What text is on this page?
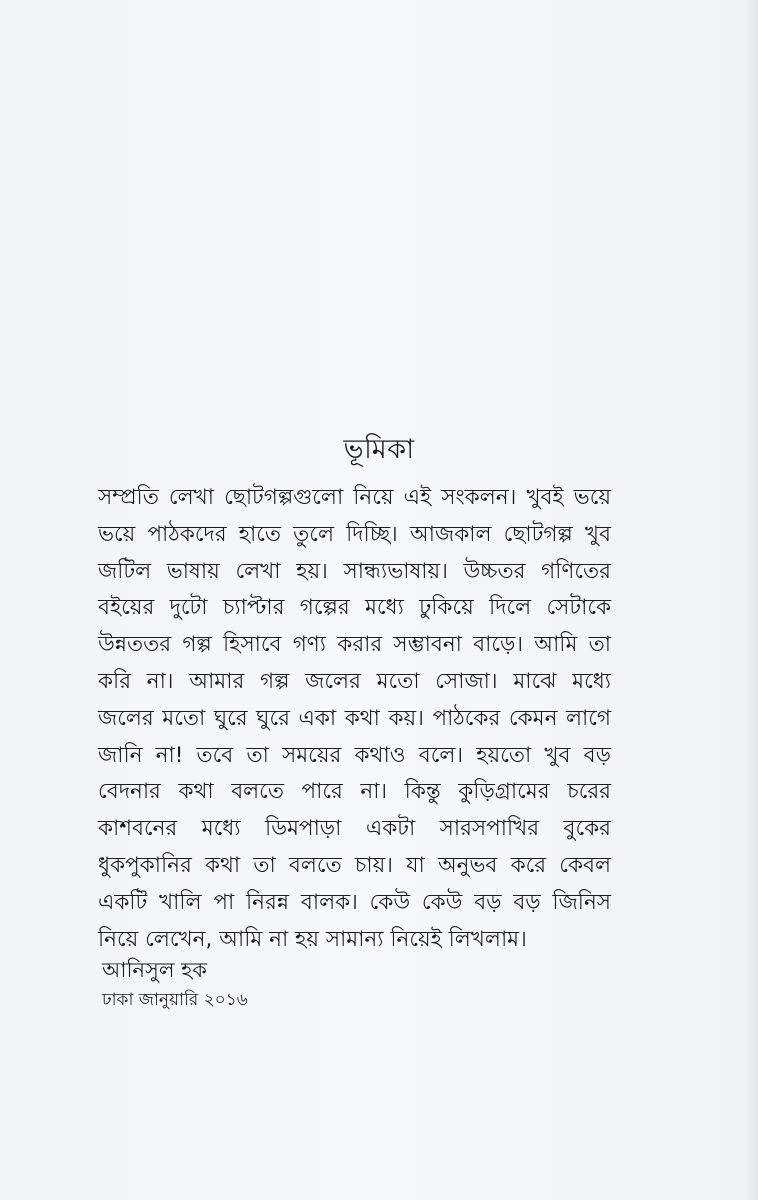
ভূমিকা
সম্প্রতি লেখা ছোটগল্পগুলো নিয়ে এই সংকলন। খুবই ভয়ে
ভয়ে পাঠকদের হাতে তুলে দিচ্ছি। আজকাল ছোটগল্প খুব
জটিল ভাষায় লেখা হয়। সান্ধ্যভাষায়। উচ্চতর গণিতের
বইয়ের দুটো চ্যাপ্টার গল্পের মধ্যে ঢুকিয়ে দিলে সেটাকে
উন্নততর গল্প হিসাবে গণ্য করার সম্ভাবনা বাড়ে। আমি তা
করি না। আমার গল্প জলের মতো সোজা। মাঝে মধ্যে
জলের মতো ঘুরে ঘুরে একা কথা কয়। পাঠকের কেমন লাগে
জানি না! তবে তা সময়ের কথাও বলে। হয়তো খুব বড়
বেদনার কথা বলতে পারে না। কিন্তু কুড়িগ্রামের চরের
কাশবনের মধ্যে ডিমপাড়া একটা সারসপাখির বুকের
ধুকপুকানির কথা তা বলতে চায়। যা অনুভব করে কেবল
একটি খালি পা নিরন্ন বালক। কেউ কেউ বড় বড় জিনিস
নিয়ে লেখেন, আমি না হয় সামান্য নিয়েই লিখলাম।
আনিসুল হক
ঢাকা জানুয়ারি ২০১৬
